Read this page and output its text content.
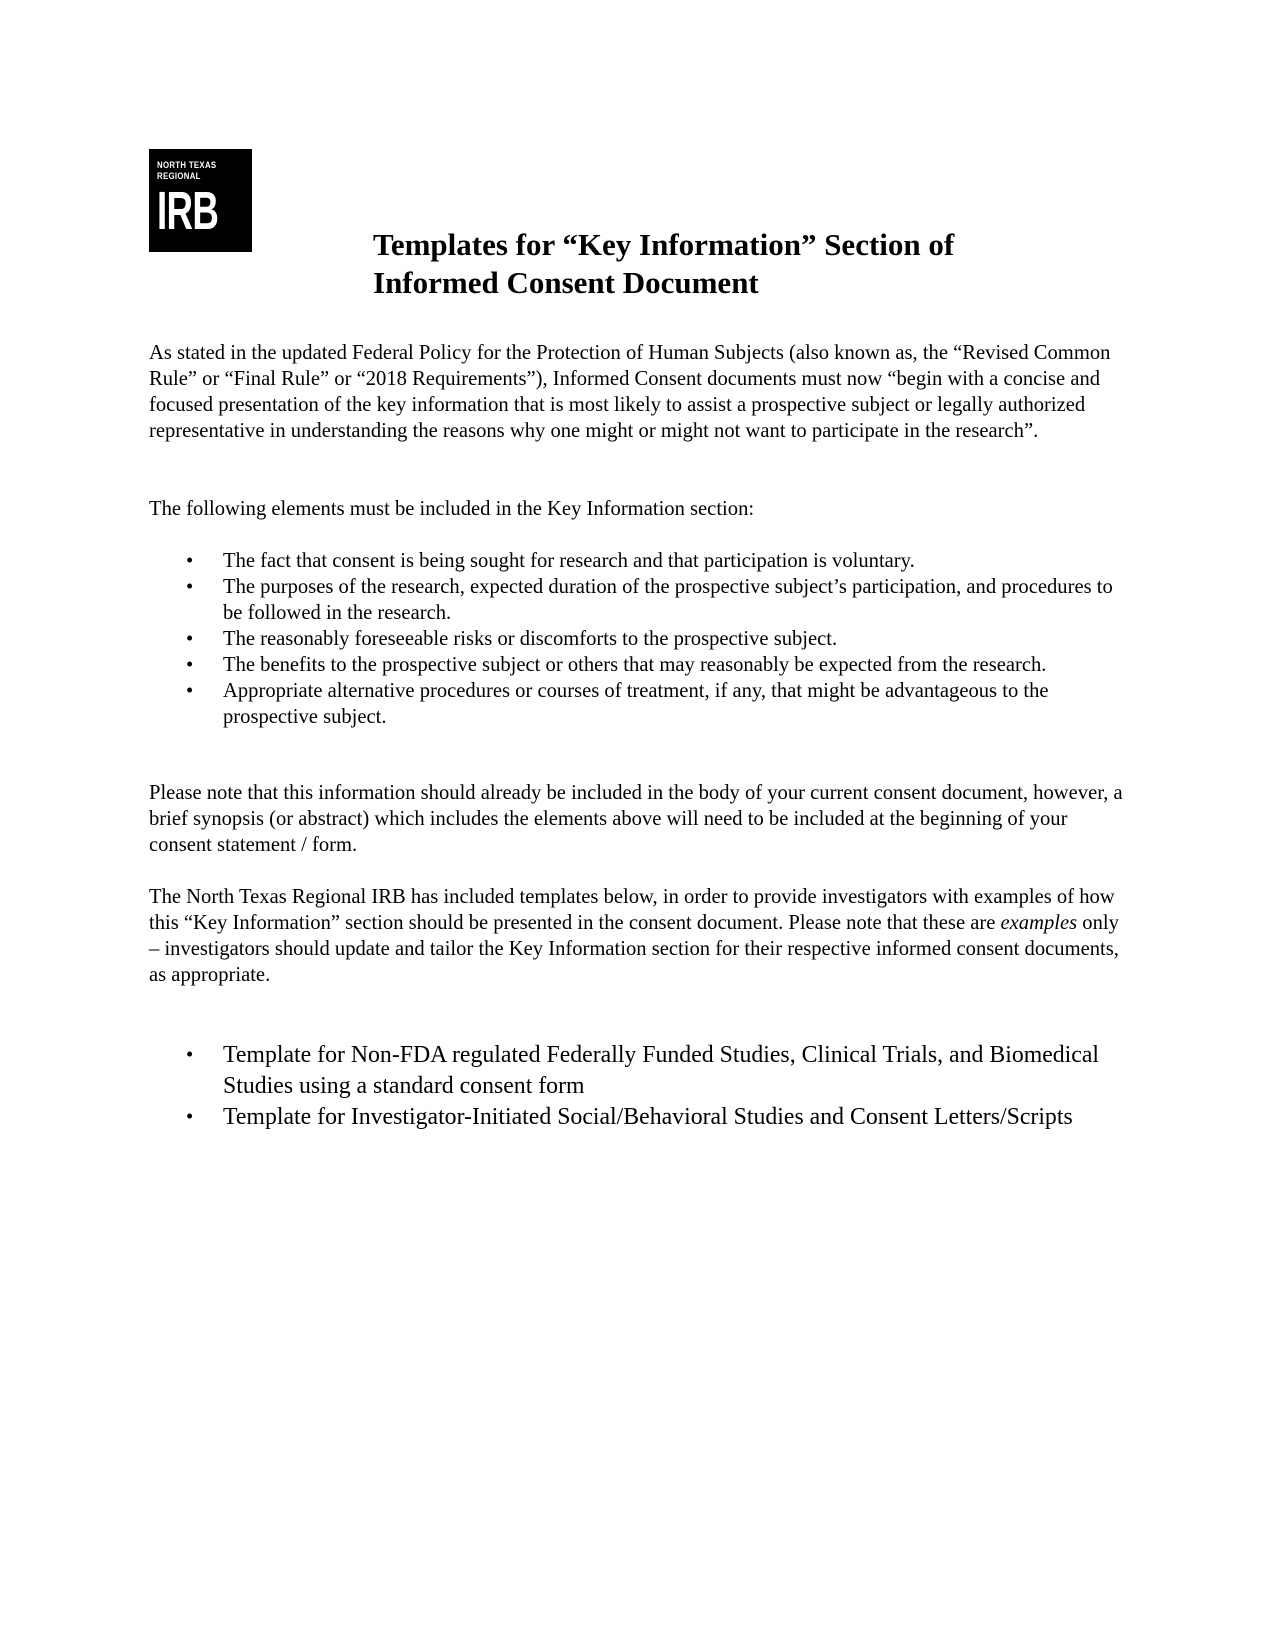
NORTH TEXAS
REGIONAL
IRB
Templates for “Key Information” Section of
Informed Consent Document

As stated in the updated Federal Policy for the Protection of Human Subjects (also known as, the “Revised Common Rule” or “Final Rule” or “2018 Requirements”), Informed Consent documents must now “begin with a concise and focused presentation of the key information that is most likely to assist a prospective subject or legally authorized representative in understanding the reasons why one might or might not want to participate in the research”.

The following elements must be included in the Key Information section:

• The fact that consent is being sought for research and that participation is voluntary.
• The purposes of the research, expected duration of the prospective subject’s participation, and procedures to be followed in the research.
• The reasonably foreseeable risks or discomforts to the prospective subject.
• The benefits to the prospective subject or others that may reasonably be expected from the research.
• Appropriate alternative procedures or courses of treatment, if any, that might be advantageous to the prospective subject.

Please note that this information should already be included in the body of your current consent document, however, a brief synopsis (or abstract) which includes the elements above will need to be included at the beginning of your consent statement / form.

The North Texas Regional IRB has included templates below, in order to provide investigators with examples of how this “Key Information” section should be presented in the consent document. Please note that these are examples only – investigators should update and tailor the Key Information section for their respective informed consent documents, as appropriate.

• Template for Non-FDA regulated Federally Funded Studies, Clinical Trials, and Biomedical Studies using a standard consent form
• Template for Investigator-Initiated Social/Behavioral Studies and Consent Letters/Scripts
